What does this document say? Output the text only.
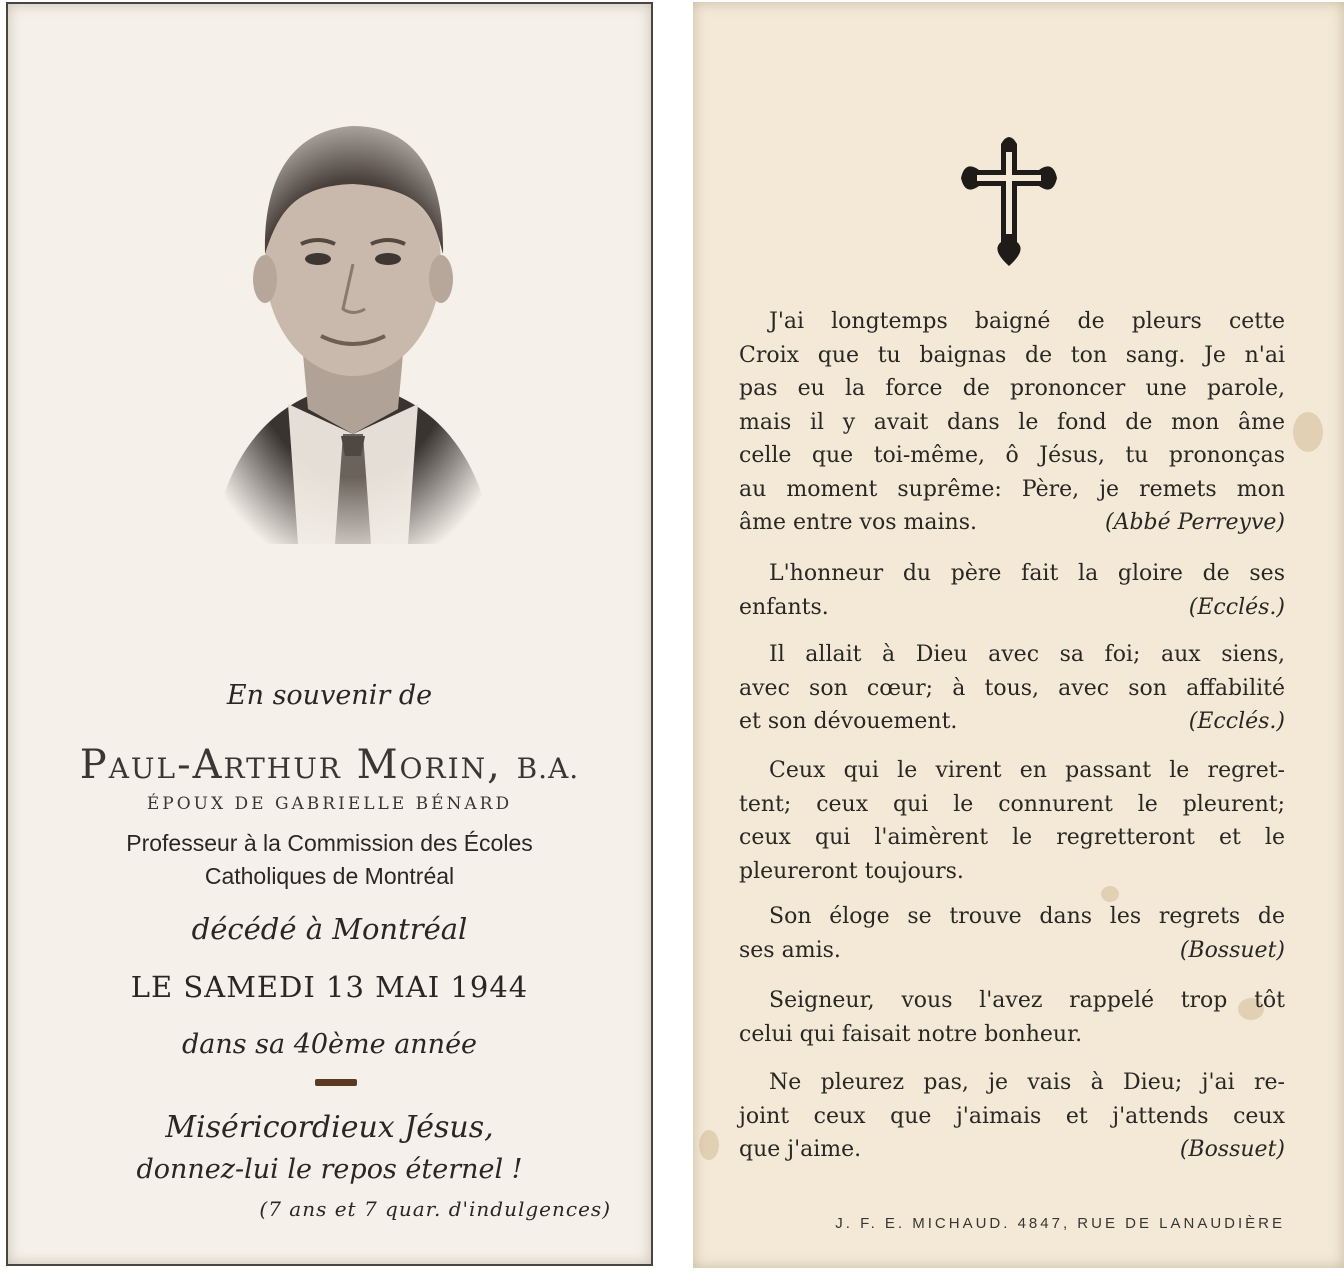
En souvenir de
Paul-Arthur Morin, B.A.
ÉPOUX DE GABRIELLE BÉNARD
Professeur à la Commission des Écoles
Catholiques de Montréal
décédé à Montréal
LE SAMEDI 13 MAI 1944
dans sa 40ème année
Miséricordieux Jésus,
donnez-lui le repos éternel !
(7 ans et 7 quar. d'indulgences)
J'ai longtemps baigné de pleurs cette
Croix que tu baignas de ton sang. Je n'ai
pas eu la force de prononcer une parole,
mais il y avait dans le fond de mon âme
celle que toi-même, ô Jésus, tu prononças
au moment suprême: Père, je remets mon
âme entre vos mains.	(Abbé Perreyve)
L'honneur du père fait la gloire de ses
enfants.	(Ecclés.)
Il allait à Dieu avec sa foi; aux siens,
avec son cœur; à tous, avec son affabilité
et son dévouement.	(Ecclés.)
Ceux qui le virent en passant le regret-
tent; ceux qui le connurent le pleurent;
ceux qui l'aimèrent le regretteront et le
pleureront toujours.
Son éloge se trouve dans les regrets de
ses amis.	(Bossuet)
Seigneur, vous l'avez rappelé trop tôt
celui qui faisait notre bonheur.
Ne pleurez pas, je vais à Dieu; j'ai re-
joint ceux que j'aimais et j'attends ceux
que j'aime.	(Bossuet)
J. F. E. MICHAUD. 4847, RUE DE LANAUDIÈRE
